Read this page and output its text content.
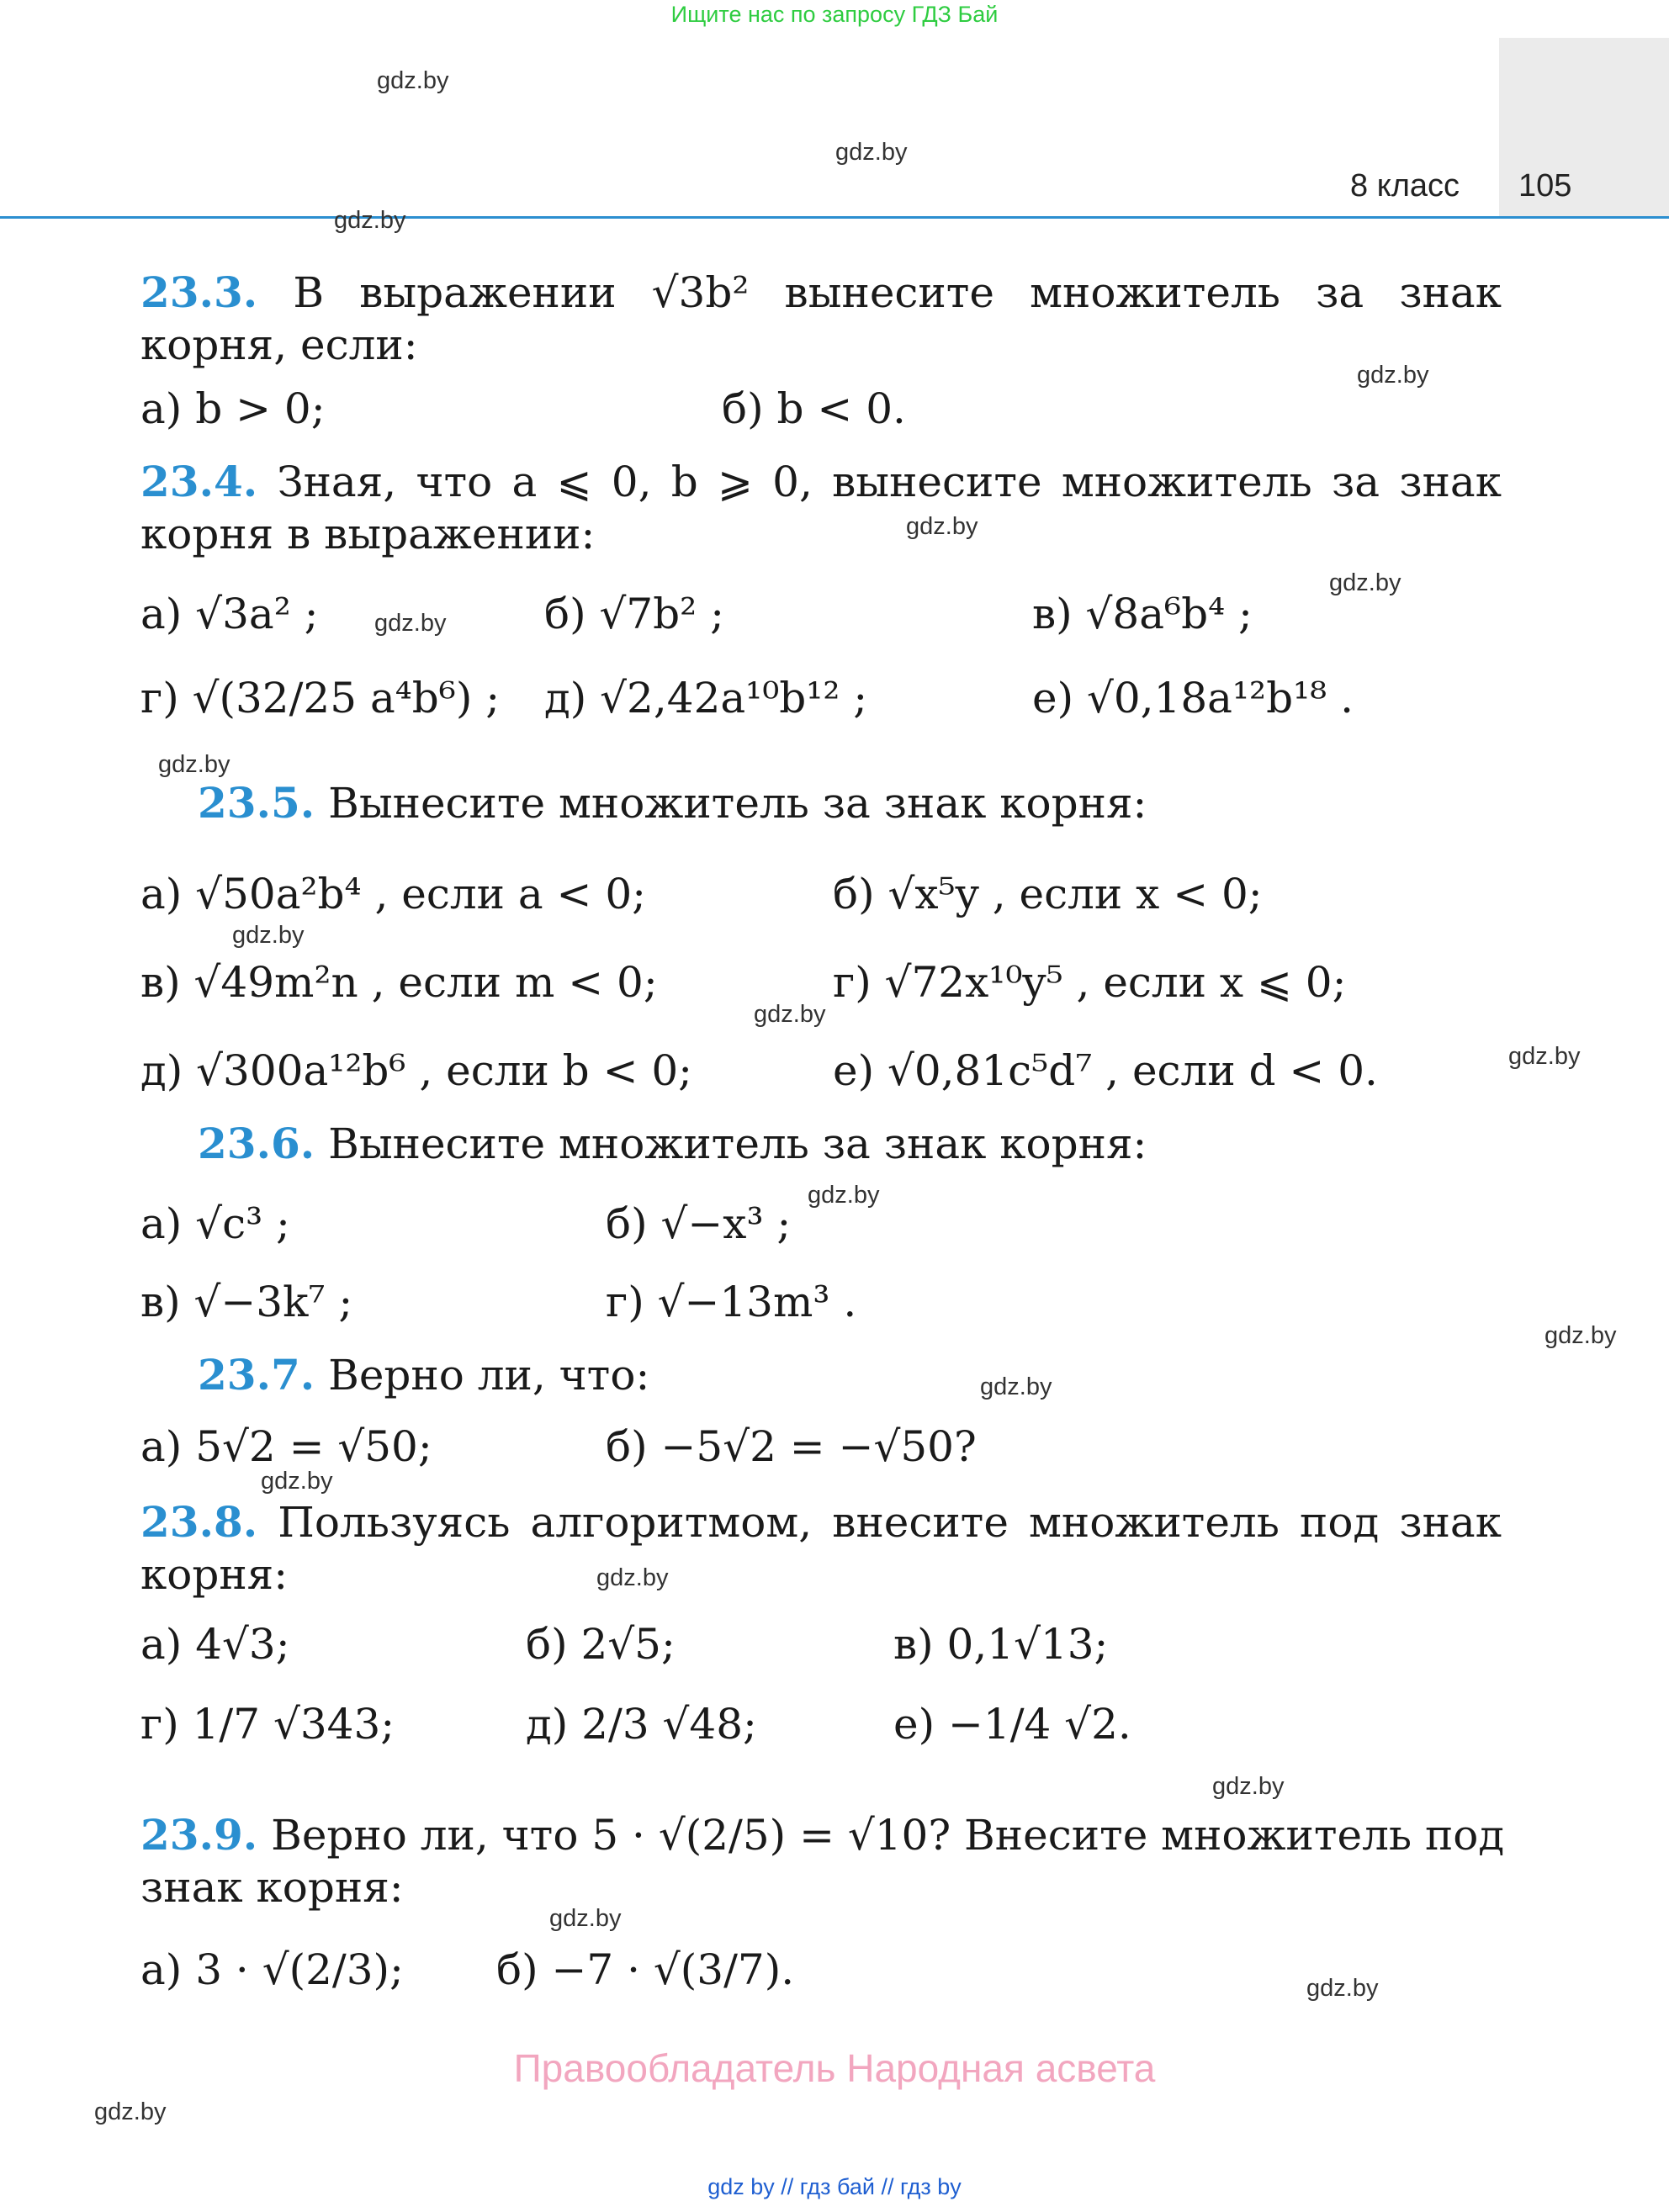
Ищите нас по запросу ГДЗ Бай
8 класс 105
gdz.by
gdz.by
gdz.by
gdz.by
gdz.by
gdz.by
gdz.by
gdz.by
gdz.by
gdz.by
gdz.by
gdz.by
gdz.by
gdz.by
gdz.by
gdz.by
gdz.by
gdz.by
gdz.by
gdz.by
23.3. В выражении √3b² вынесите множитель за знак
корня, если:
а) b > 0;	б) b < 0.
23.4. Зная, что a ⩽ 0, b ⩾ 0, вынесите множитель за знак
корня в выражении:
а) √3a² ;	б) √7b² ;	в) √8a⁶b⁴ ;
г) √(32/25 a⁴b⁶) ; д) √2,42a¹⁰b¹² ;	е) √0,18a¹²b¹⁸ .
23.5. Вынесите множитель за знак корня:
а) √50a²b⁴ , если a < 0;	б) √x⁵y , если x < 0;
в) √49m²n , если m < 0;	г) √72x¹⁰y⁵ , если x ⩽ 0;
д) √300a¹²b⁶ , если b < 0;	е) √0,81c⁵d⁷ , если d < 0.
23.6. Вынесите множитель за знак корня:
а) √c³ ;	б) √−x³ ;
в) √−3k⁷ ;	г) √−13m³ .
23.7. Верно ли, что:
а) 5√2 = √50;	б) −5√2 = −√50?
23.8. Пользуясь алгоритмом, внесите множитель под знак
корня:
а) 4√3;	б) 2√5;	в) 0,1√13;
г) 1/7 √343;	д) 2/3 √48;	е) −1/4 √2.
23.9. Верно ли, что 5 · √(2/5) = √10? Внесите множитель под
знак корня:
а) 3 · √(2/3); б) −7 · √(3/7).
Правообладатель Народная асвета
gdz by // гдз бай // гдз by
